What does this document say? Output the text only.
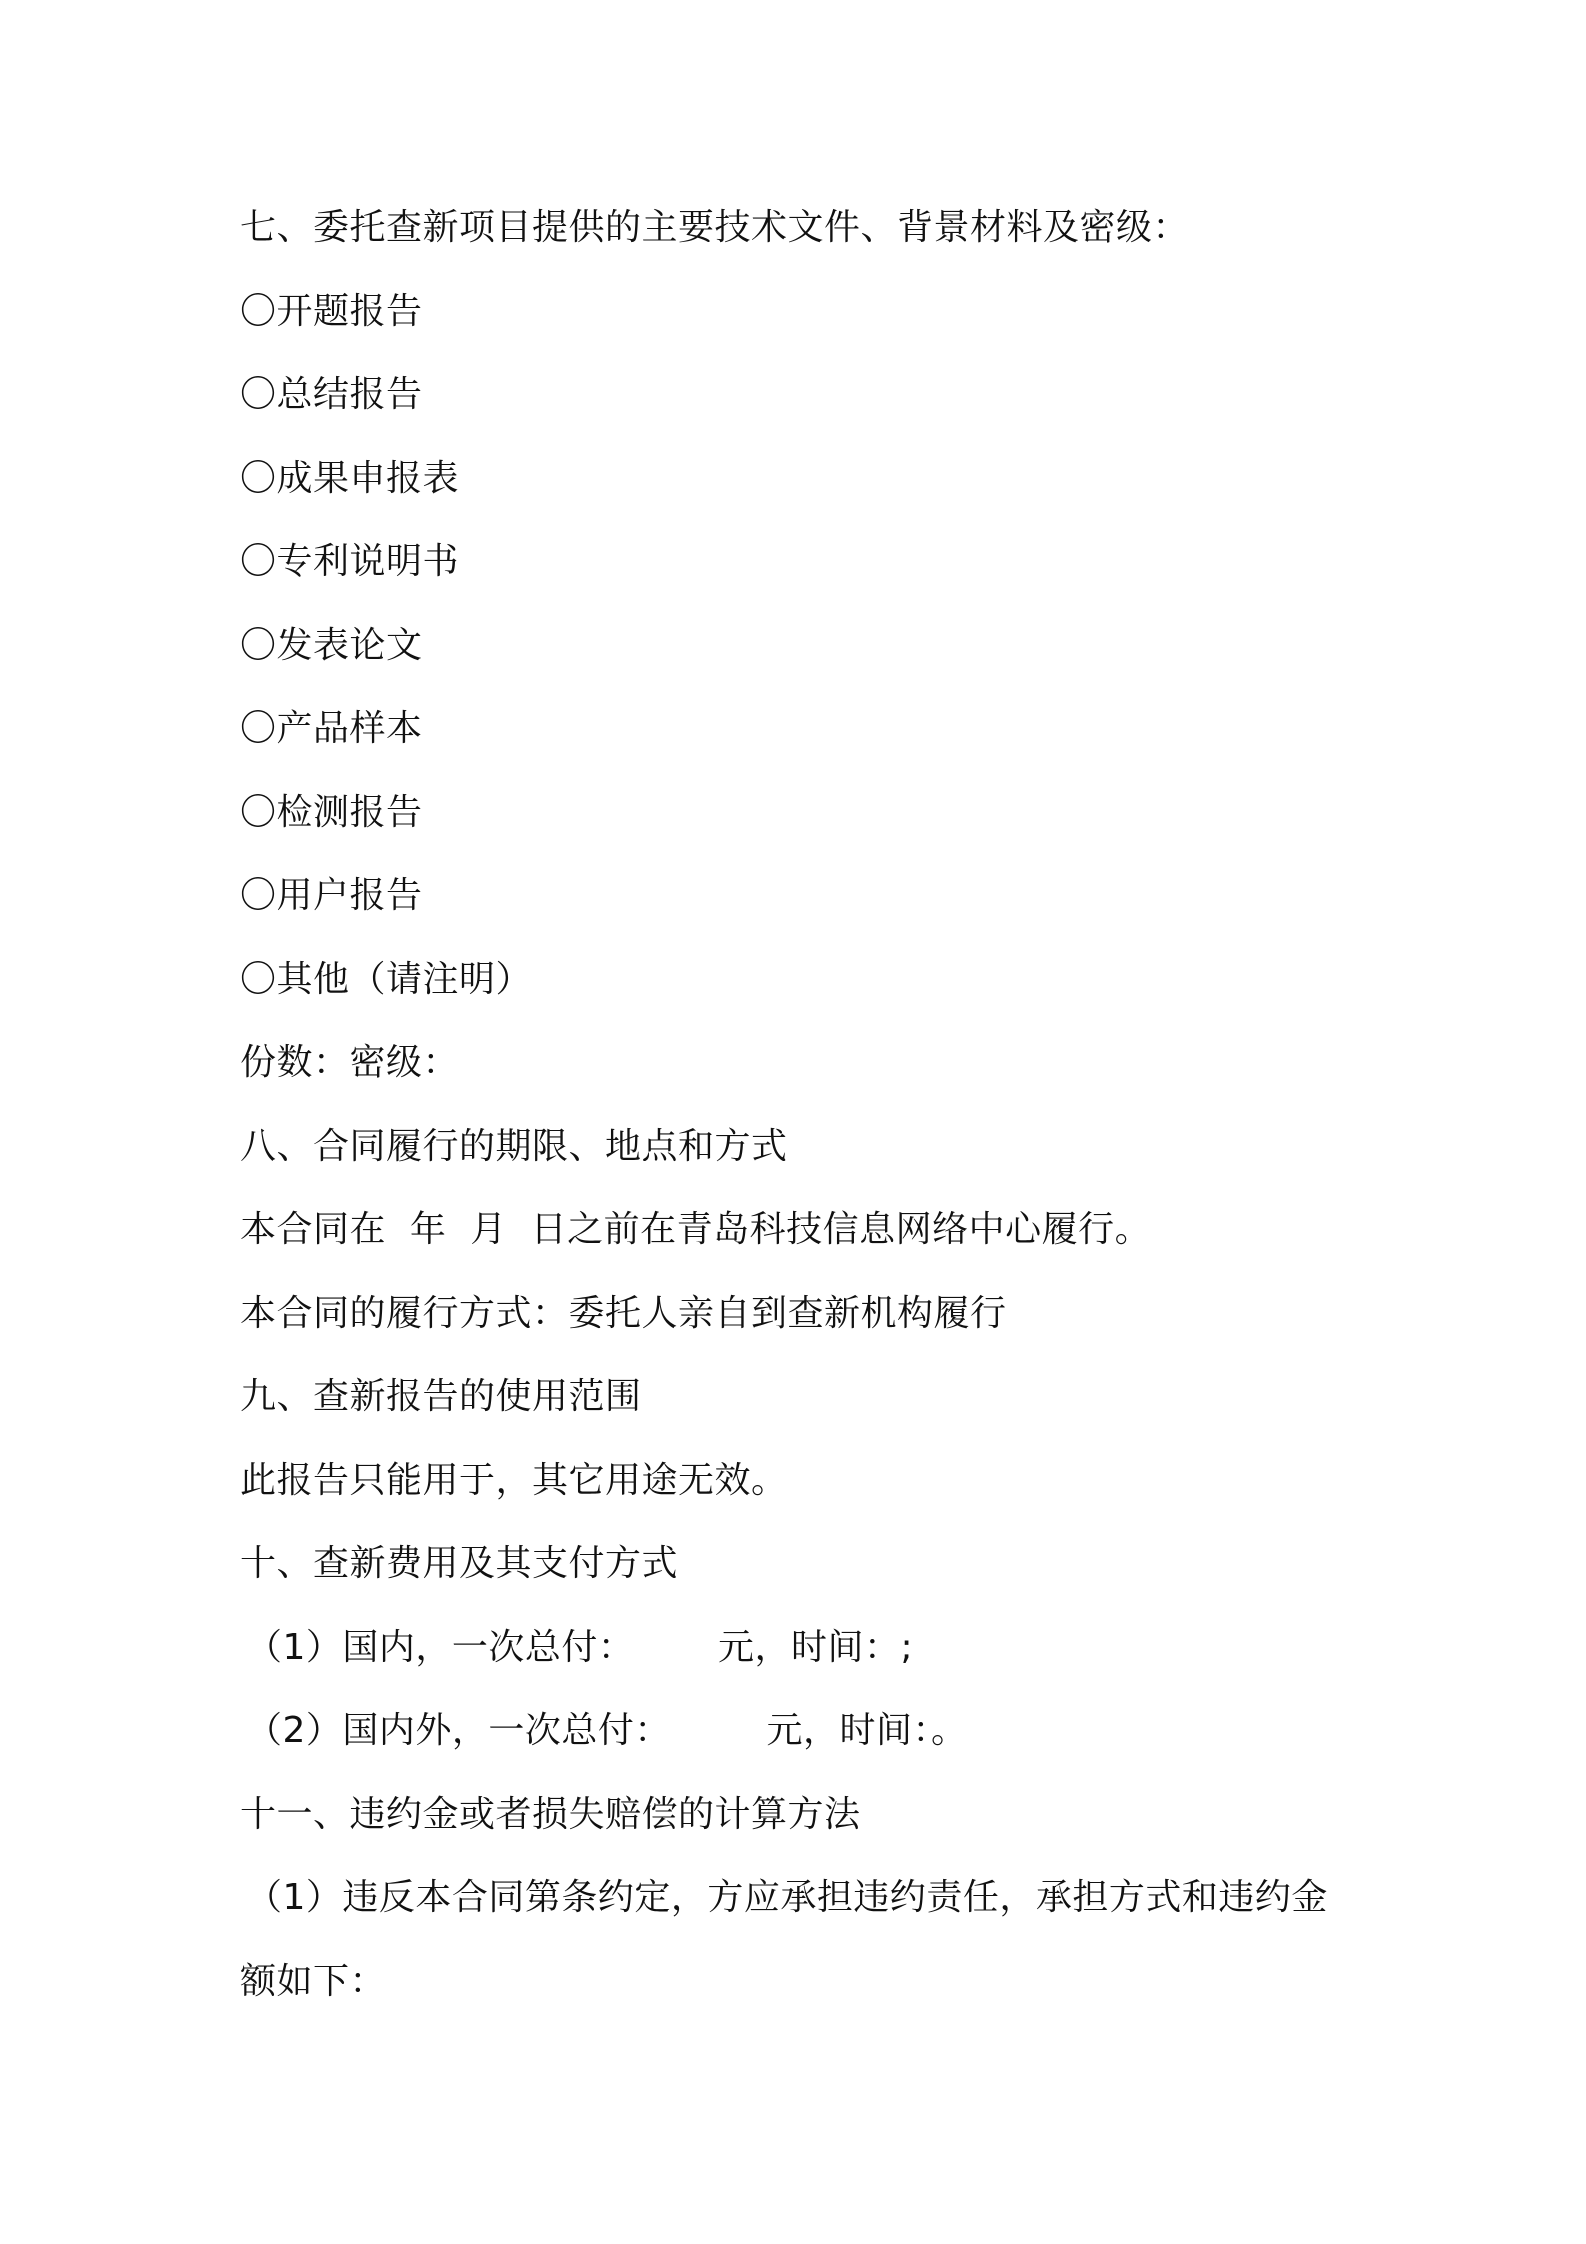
七、委托查新项目提供的主要技术文件、背景材料及密级：
〇开题报告
〇总结报告
〇成果申报表
〇专利说明书
〇发表论文
〇产品样本
〇检测报告
〇用户报告
〇其他（请注明）
份数：密级：
八、合同履行的期限、地点和方式
本合同在  年  月  日之前在青岛科技信息网络中心履行。
本合同的履行方式：委托人亲自到查新机构履行
九、查新报告的使用范围
此报告只能用于，其它用途无效。
十、查新费用及其支付方式
（1）国内，一次总付：       元，时间：;
（2）国内外，一次总付：        元，时间：。
十一、违约金或者损失赔偿的计算方法
（1）违反本合同第条约定，方应承担违约责任，承担方式和违约金
额如下：
